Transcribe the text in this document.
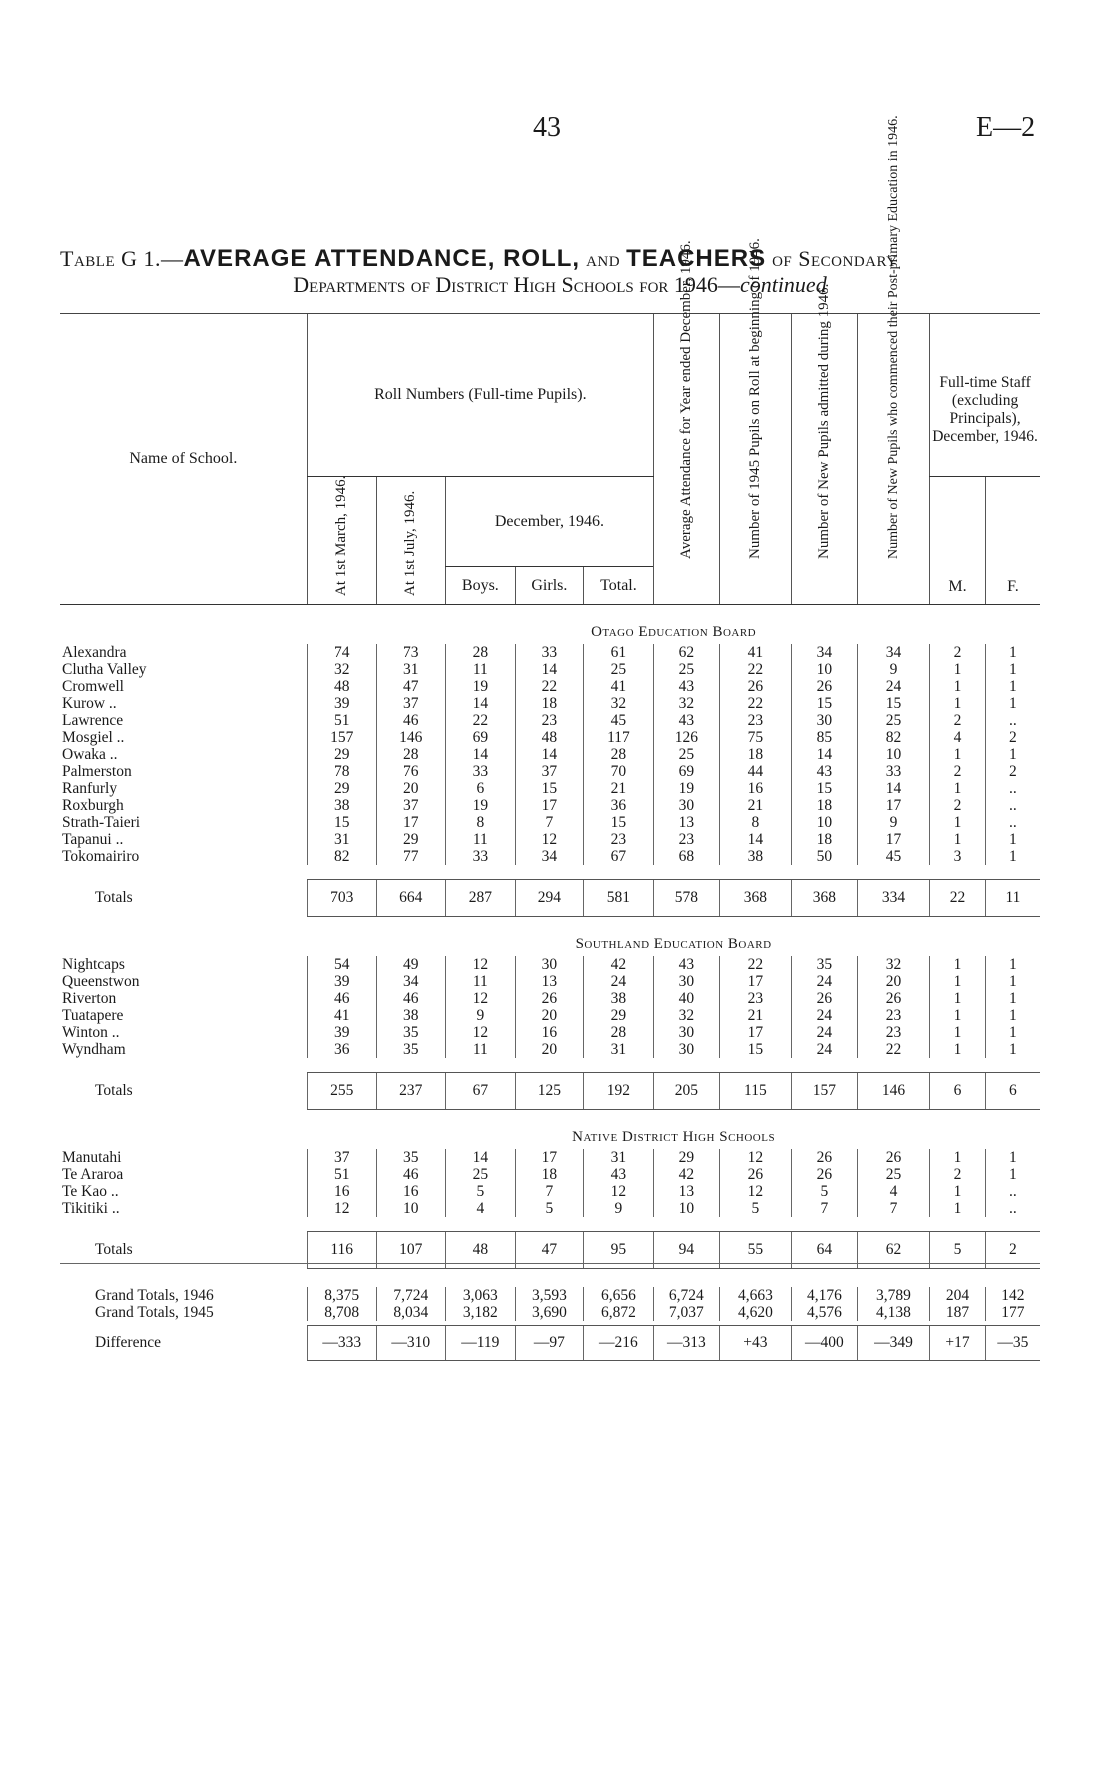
43	E—2
Table G 1.—AVERAGE ATTENDANCE, ROLL, and TEACHERS of Secondary
Departments of District High Schools for 1946—continued
Name of School.	Roll Numbers (Full-time Pupils).					Average Attendance for Year ended December, 1946.	Number of 1945 Pupils on Roll at beginning of 1946.	Number of New Pupils admitted during 1946.	Number of New Pupils who commenced their Post-primary Education in 1946.	Full-time Staff (excluding Principals), December, 1946.	

	At 1st March, 1946.	At 1st July, 1946.	December, 1946.							M.	F.
			Boys.	Girls.	Total.						
	Otago Education Board										
Alexandra	74	73	28	33	61	62	41	34	34	2	1
Clutha Valley	32	31	11	14	25	25	22	10	9	1	1
Cromwell	48	47	19	22	41	43	26	26	24	1	1
Kurow ..	39	37	14	18	32	32	22	15	15	1	1
Lawrence	51	46	22	23	45	43	23	30	25	2	..
Mosgiel ..	157	146	69	48	117	126	75	85	82	4	2
Owaka ..	29	28	14	14	28	25	18	14	10	1	1
Palmerston	78	76	33	37	70	69	44	43	33	2	2
Ranfurly	29	20	6	15	21	19	16	15	14	1	..
Roxburgh	38	37	19	17	36	30	21	18	17	2	..
Strath-Taieri	15	17	8	7	15	13	8	10	9	1	..
Tapanui ..	31	29	11	12	23	23	14	18	17	1	1
Tokomairiro	82	77	33	34	67	68	38	50	45	3	1

Totals	703	664	287	294	581	578	368	368	334	22	11
	Southland Education Board										
Nightcaps	54	49	12	30	42	43	22	35	32	1	1
Queenstwon	39	34	11	13	24	30	17	24	20	1	1
Riverton	46	46	12	26	38	40	23	26	26	1	1
Tuatapere	41	38	9	20	29	32	21	24	23	1	1
Winton ..	39	35	12	16	28	30	17	24	23	1	1
Wyndham	36	35	11	20	31	30	15	24	22	1	1

Totals	255	237	67	125	192	205	115	157	146	6	6
	Native District High Schools										
Manutahi	37	35	14	17	31	29	12	26	26	1	1
Te Araroa	51	46	25	18	43	42	26	26	25	2	1
Te Kao ..	16	16	5	7	12	13	12	5	4	1	..
Tikitiki ..	12	10	4	5	9	10	5	7	7	1	..

Totals	116	107	48	47	95	94	55	64	62	5	2

Grand Totals, 1946	8,375	7,724	3,063	3,593	6,656	6,724	4,663	4,176	3,789	204	142
Grand Totals, 1945	8,708	8,034	3,182	3,690	6,872	7,037	4,620	4,576	4,138	187	177

Difference	—333	—310	—119	—97	—216	—313	+43	—400	—349	+17	—35
